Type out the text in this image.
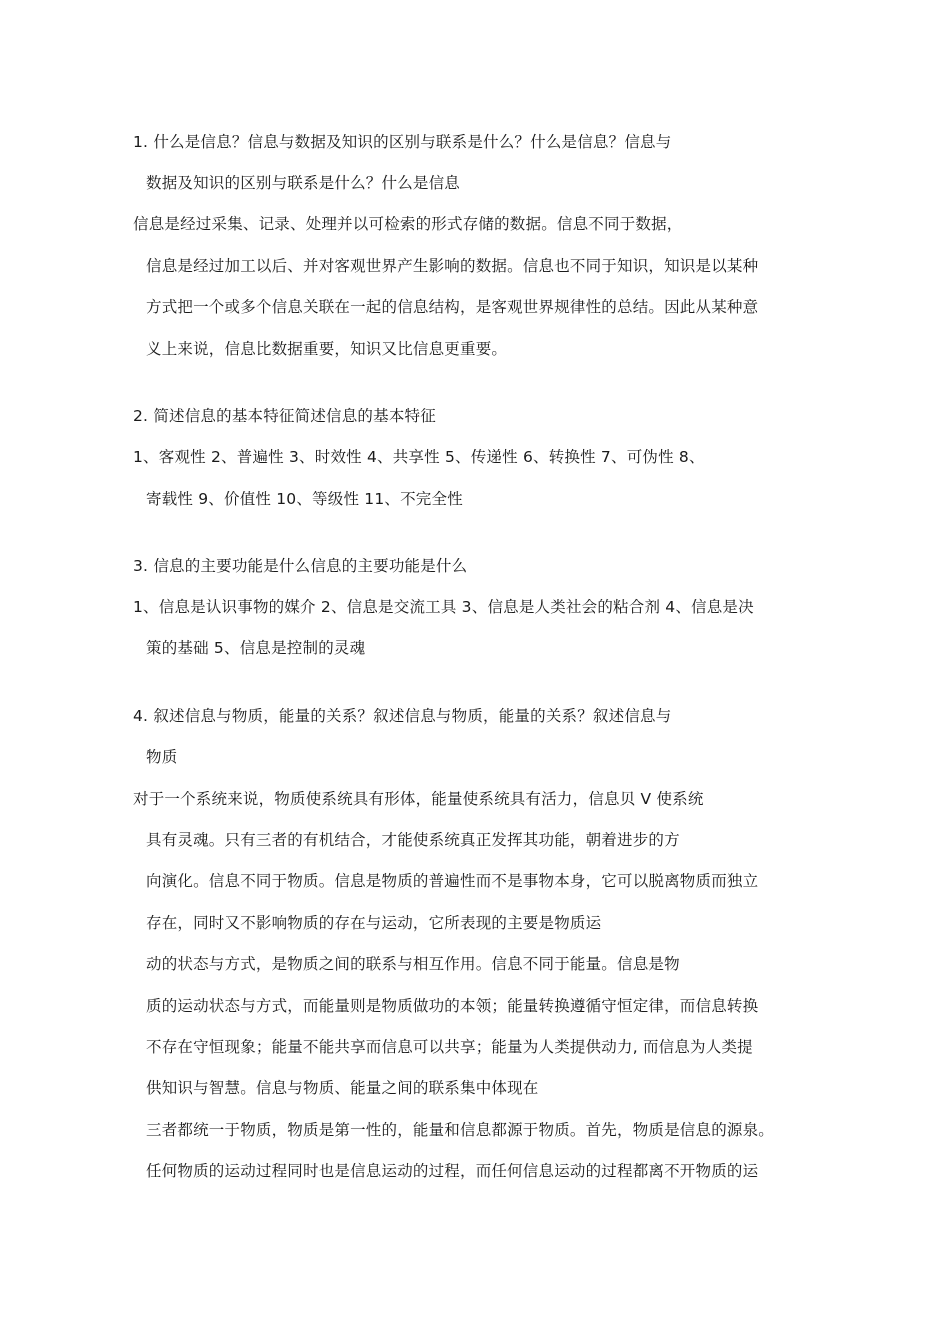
1. 什么是信息？信息与数据及知识的区别与联系是什么？什么是信息？信息与
数据及知识的区别与联系是什么？什么是信息
信息是经过采集、记录、处理并以可检索的形式存储的数据。信息不同于数据，
信息是经过加工以后、并对客观世界产生影响的数据。信息也不同于知识，知识是以某种
方式把一个或多个信息关联在一起的信息结构，是客观世界规律性的总结。因此从某种意
义上来说，信息比数据重要，知识又比信息更重要。
2. 简述信息的基本特征简述信息的基本特征
1、客观性 2、普遍性 3、时效性 4、共享性 5、传递性 6、转换性 7、可伪性 8、
寄载性 9、价值性 10、等级性 11、不完全性
3. 信息的主要功能是什么信息的主要功能是什么
1、信息是认识事物的媒介 2、信息是交流工具 3、信息是人类社会的粘合剂 4、信息是决
策的基础 5、信息是控制的灵魂
4. 叙述信息与物质，能量的关系？叙述信息与物质，能量的关系？叙述信息与
物质
对于一个系统来说，物质使系统具有形体，能量使系统具有活力，信息贝 V 使系统
具有灵魂。只有三者的有机结合，才能使系统真正发挥其功能，朝着进步的方
向演化。信息不同于物质。信息是物质的普遍性而不是事物本身，它可以脱离物质而独立
存在，同时又不影响物质的存在与运动，它所表现的主要是物质运
动的状态与方式，是物质之间的联系与相互作用。信息不同于能量。信息是物
质的运动状态与方式，而能量则是物质做功的本领；能量转换遵循守恒定律，而信息转换
不存在守恒现象；能量不能共享而信息可以共享；能量为人类提供动力, 而信息为人类提
供知识与智慧。信息与物质、能量之间的联系集中体现在
三者都统一于物质，物质是第一性的，能量和信息都源于物质。首先，物质是信息的源泉。
任何物质的运动过程同时也是信息运动的过程，而任何信息运动的过程都离不开物质的运
